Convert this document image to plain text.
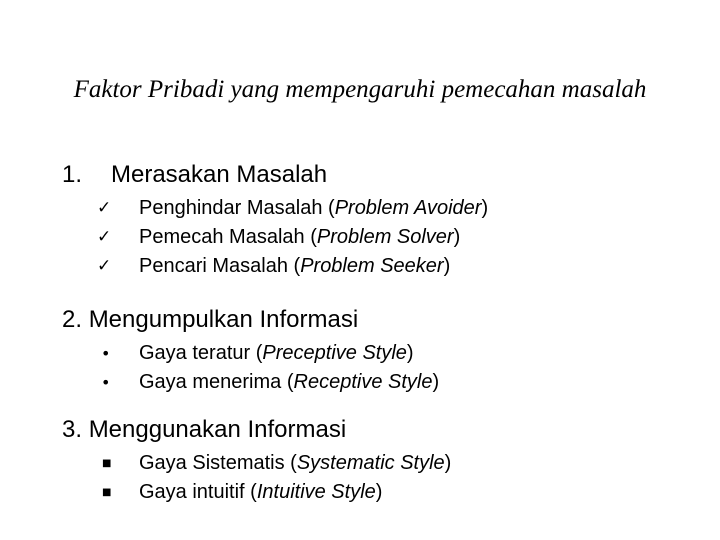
Faktor Pribadi yang mempengaruhi pemecahan masalah
1. Merasakan Masalah
✓	Penghindar Masalah (Problem Avoider)
✓	Pemecah Masalah (Problem Solver)
✓	Pencari Masalah (Problem Seeker)
2. Mengumpulkan Informasi
•	Gaya teratur (Preceptive Style)
•	Gaya menerima (Receptive Style)
3. Menggunakan Informasi
■	Gaya Sistematis (Systematic Style)
■	Gaya intuitif (Intuitive Style)
